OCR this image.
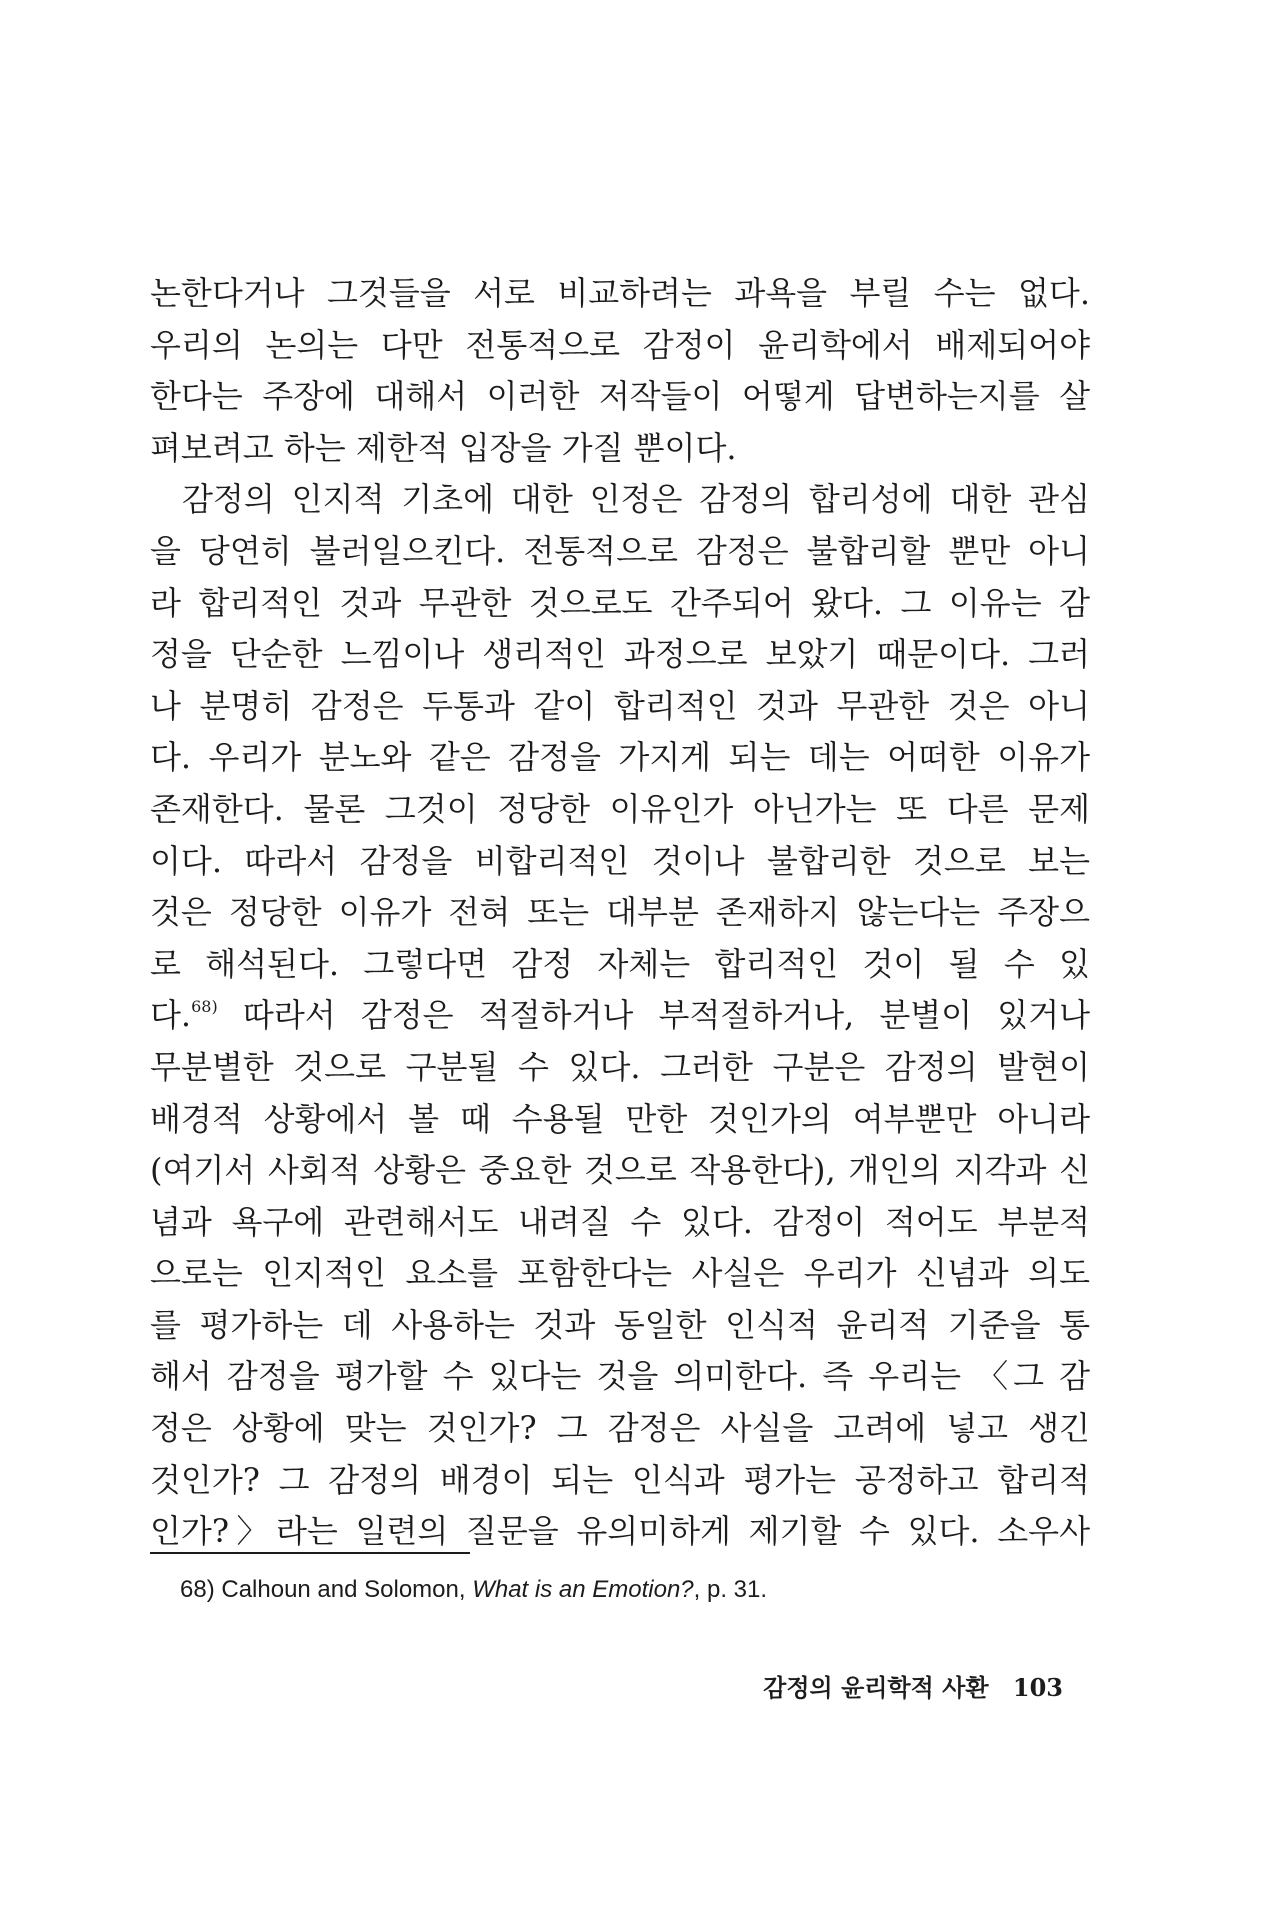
논한다거나 그것들을 서로 비교하려는 과욕을 부릴 수는 없다.
우리의 논의는 다만 전통적으로 감정이 윤리학에서 배제되어야
한다는 주장에 대해서 이러한 저작들이 어떻게 답변하는지를 살
펴보려고 하는 제한적 입장을 가질 뿐이다.
감정의 인지적 기초에 대한 인정은 감정의 합리성에 대한 관심
을 당연히 불러일으킨다. 전통적으로 감정은 불합리할 뿐만 아니
라 합리적인 것과 무관한 것으로도 간주되어 왔다. 그 이유는 감
정을 단순한 느낌이나 생리적인 과정으로 보았기 때문이다. 그러
나 분명히 감정은 두통과 같이 합리적인 것과 무관한 것은 아니
다. 우리가 분노와 같은 감정을 가지게 되는 데는 어떠한 이유가
존재한다. 물론 그것이 정당한 이유인가 아닌가는 또 다른 문제
이다. 따라서 감정을 비합리적인 것이나 불합리한 것으로 보는
것은 정당한 이유가 전혀 또는 대부분 존재하지 않는다는 주장으
로 해석된다. 그렇다면 감정 자체는 합리적인 것이 될 수 있
다.$^{68)}$ 따라서 감정은 적절하거나 부적절하거나, 분별이 있거나
무분별한 것으로 구분될 수 있다. 그러한 구분은 감정의 발현이
배경적 상황에서 볼 때 수용될 만한 것인가의 여부뿐만 아니라
(여기서 사회적 상황은 중요한 것으로 작용한다), 개인의 지각과 신
념과 욕구에 관련해서도 내려질 수 있다. 감정이 적어도 부분적
으로는 인지적인 요소를 포함한다는 사실은 우리가 신념과 의도
를 평가하는 데 사용하는 것과 동일한 인식적 윤리적 기준을 통
해서 감정을 평가할 수 있다는 것을 의미한다. 즉 우리는 〈그 감
정은 상황에 맞는 것인가? 그 감정은 사실을 고려에 넣고 생긴
것인가? 그 감정의 배경이 되는 인식과 평가는 공정하고 합리적
인가?〉라는 일련의 질문을 유의미하게 제기할 수 있다. 소우사
68) Calhoun and Solomon, What is an Emotion?, p. 31.
감정의 윤리학적 사환 103
